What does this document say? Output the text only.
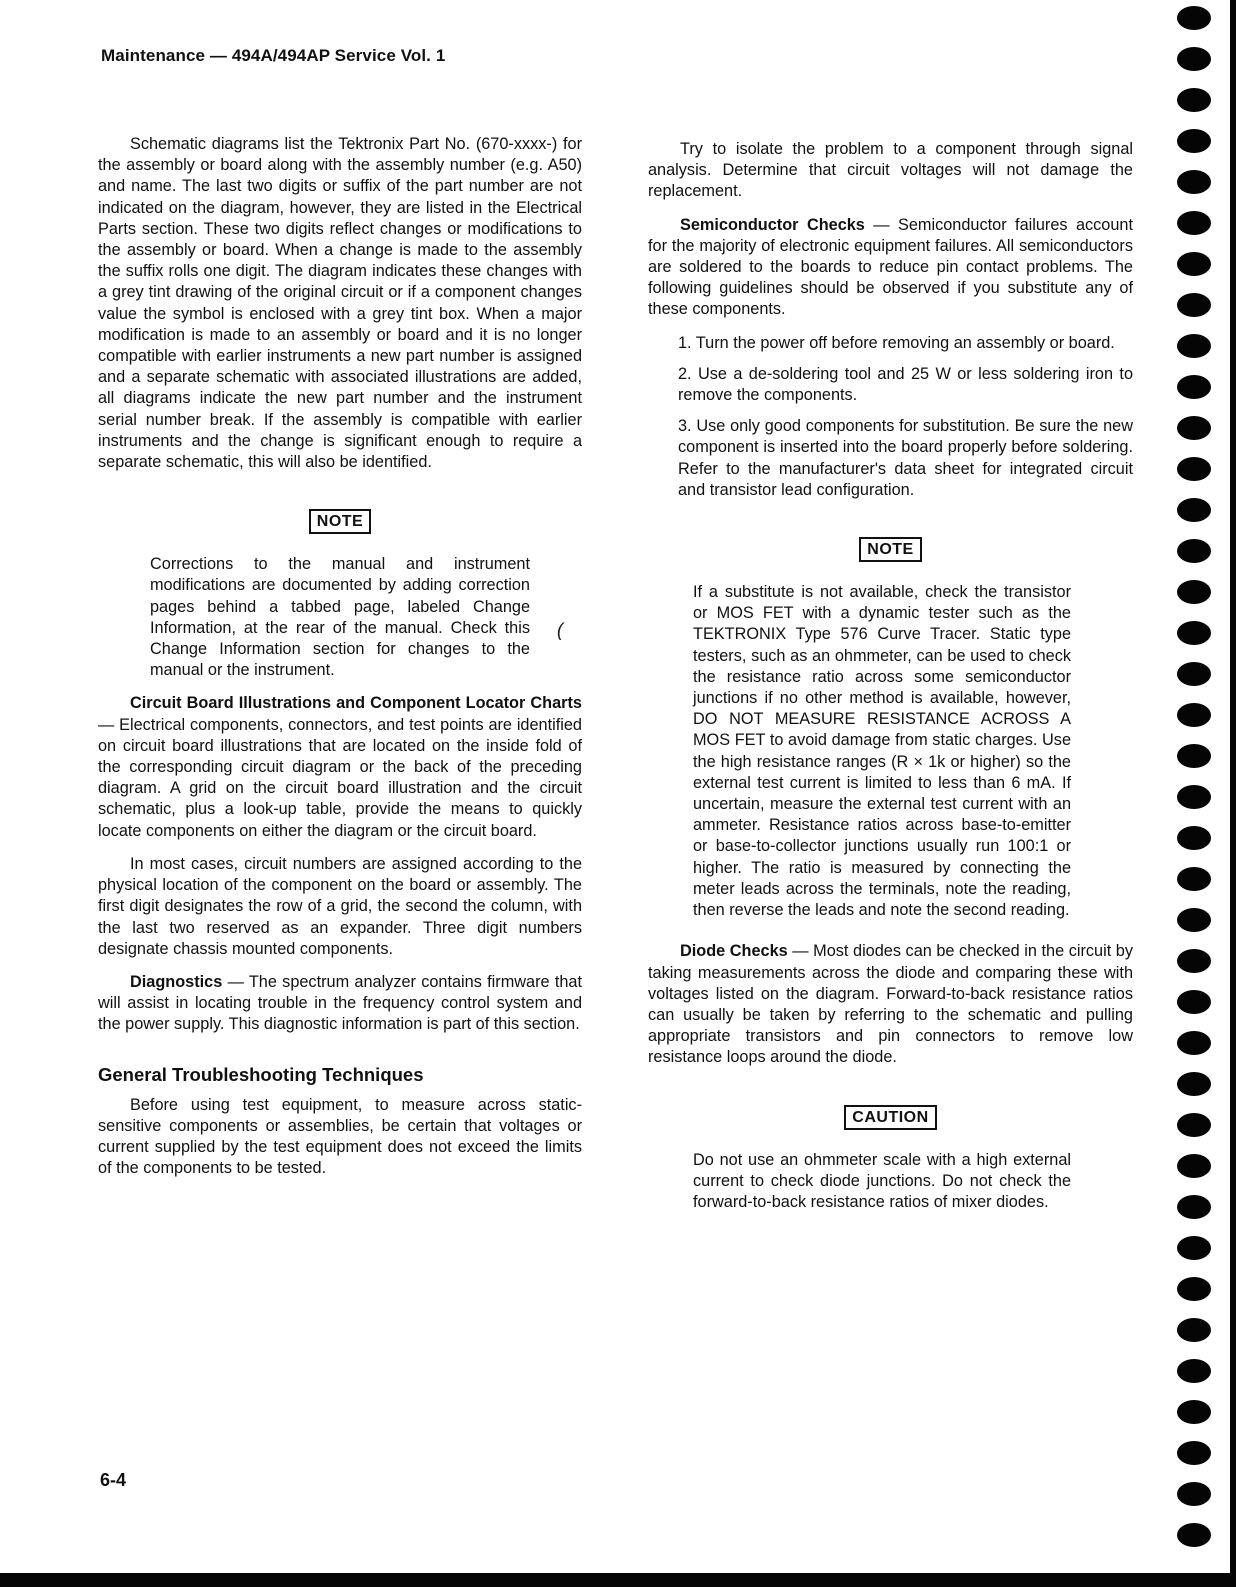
Maintenance — 494A/494AP Service Vol. 1

Schematic diagrams list the Tektronix Part No. (670-xxxx-) for the assembly or board along with the assembly number (e.g. A50) and name. The last two digits or suffix of the part number are not indicated on the diagram, however, they are listed in the Electrical Parts section. These two digits reflect changes or modifications to the assembly or board. When a change is made to the assembly the suffix rolls one digit. The diagram indicates these changes with a grey tint drawing of the original circuit or if a component changes value the symbol is enclosed with a grey tint box. When a major modification is made to an assembly or board and it is no longer compatible with earlier instruments a new part number is assigned and a separate schematic with associated illustrations are added, all diagrams indicate the new part number and the instrument serial number break. If the assembly is compatible with earlier instruments and the change is significant enough to require a separate schematic, this will also be identified.

NOTE

Corrections to the manual and instrument modifications are documented by adding correction pages behind a tabbed page, labeled Change Information, at the rear of the manual. Check this Change Information section for changes to the manual or the instrument.

Circuit Board Illustrations and Component Locator Charts — Electrical components, connectors, and test points are identified on circuit board illustrations that are located on the inside fold of the corresponding circuit diagram or the back of the preceding diagram. A grid on the circuit board illustration and the circuit schematic, plus a look-up table, provide the means to quickly locate components on either the diagram or the circuit board.

In most cases, circuit numbers are assigned according to the physical location of the component on the board or assembly. The first digit designates the row of a grid, the second the column, with the last two reserved as an expander. Three digit numbers designate chassis mounted components.

Diagnostics — The spectrum analyzer contains firmware that will assist in locating trouble in the frequency control system and the power supply. This diagnostic information is part of this section.

General Troubleshooting Techniques

Before using test equipment, to measure across static-sensitive components or assemblies, be certain that voltages or current supplied by the test equipment does not exceed the limits of the components to be tested.

Try to isolate the problem to a component through signal analysis. Determine that circuit voltages will not damage the replacement.

Semiconductor Checks — Semiconductor failures account for the majority of electronic equipment failures. All semiconductors are soldered to the boards to reduce pin contact problems. The following guidelines should be observed if you substitute any of these components.

1. Turn the power off before removing an assembly or board.
2. Use a de-soldering tool and 25 W or less soldering iron to remove the components.
3. Use only good components for substitution. Be sure the new component is inserted into the board properly before soldering. Refer to the manufacturer's data sheet for integrated circuit and transistor lead configuration.
NOTE

If a substitute is not available, check the transistor or MOS FET with a dynamic tester such as the TEKTRONIX Type 576 Curve Tracer. Static type testers, such as an ohmmeter, can be used to check the resistance ratio across some semiconductor junctions if no other method is available, however, DO NOT MEASURE RESISTANCE ACROSS A MOS FET to avoid damage from static charges. Use the high resistance ranges (R × 1k or higher) so the external test current is limited to less than 6 mA. If uncertain, measure the external test current with an ammeter. Resistance ratios across base-to-emitter or base-to-collector junctions usually run 100:1 or higher. The ratio is measured by connecting the meter leads across the terminals, note the reading, then reverse the leads and note the second reading.

Diode Checks — Most diodes can be checked in the circuit by taking measurements across the diode and comparing these with voltages listed on the diagram. Forward-to-back resistance ratios can usually be taken by referring to the schematic and pulling appropriate transistors and pin connectors to remove low resistance loops around the diode.

CAUTION

Do not use an ohmmeter scale with a high external current to check diode junctions. Do not check the forward-to-back resistance ratios of mixer diodes.

(
6-4
